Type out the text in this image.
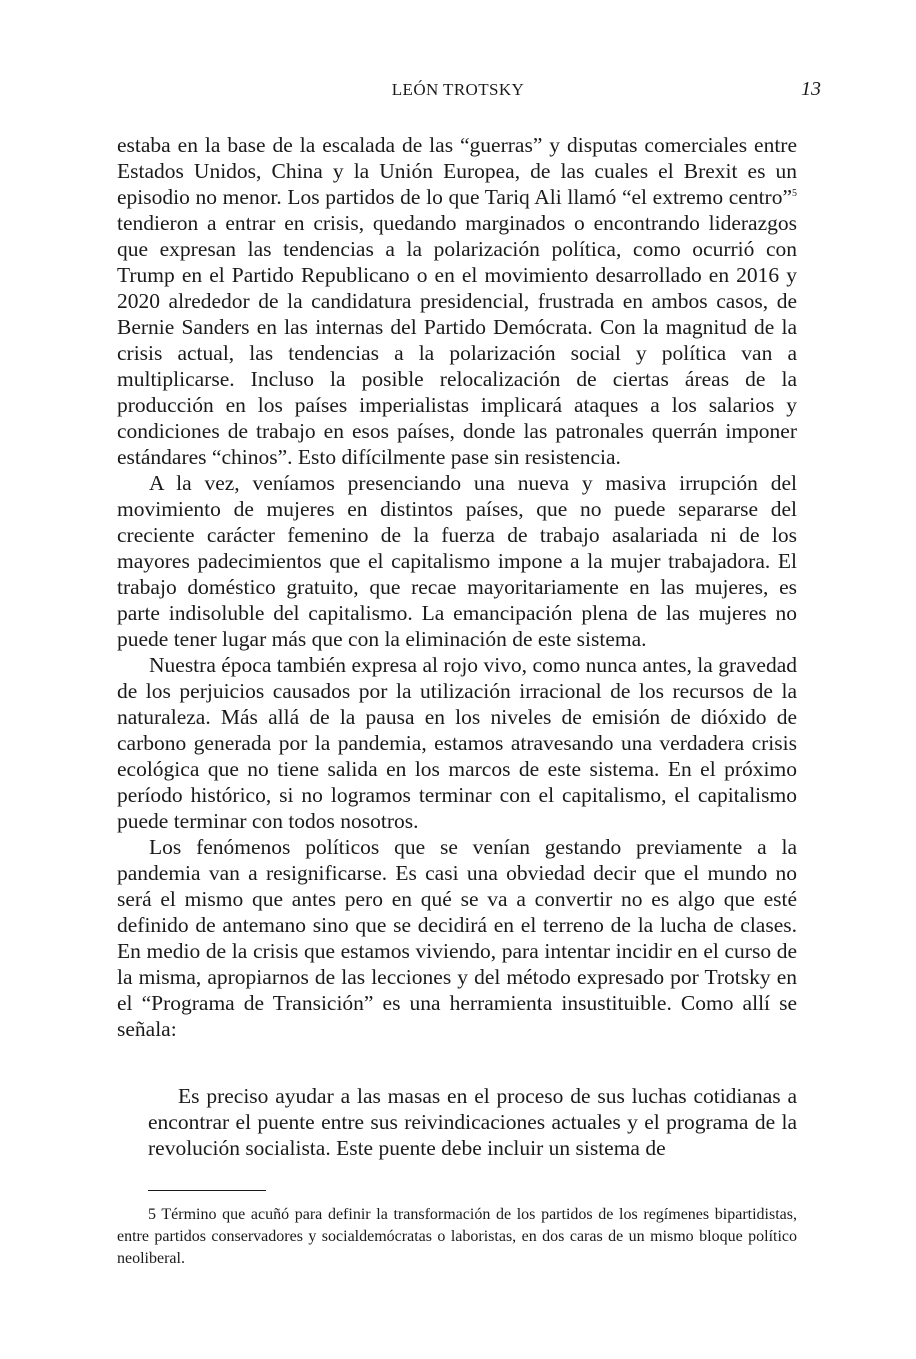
LEÓN TROTSKY	13

estaba en la base de la escalada de las “guerras” y disputas comerciales entre Estados Unidos, China y la Unión Europea, de las cuales el Brexit es un episodio no menor. Los partidos de lo que Tariq Ali llamó “el extremo centro”$^5$ tendieron a entrar en crisis, quedando marginados o encontrando liderazgos que expresan las tendencias a la polarización política, como ocurrió con Trump en el Partido Republicano o en el movimiento desarrollado en 2016 y 2020 alrededor de la candidatura presidencial, frustrada en ambos casos, de Bernie Sanders en las internas del Partido Demócrata. Con la magnitud de la crisis actual, las tendencias a la polarización social y política van a multiplicarse. Incluso la posible relocalización de ciertas áreas de la producción en los países imperialistas implicará ataques a los salarios y condiciones de trabajo en esos países, donde las patronales querrán imponer estándares “chinos”. Esto difícilmente pase sin resistencia.

A la vez, veníamos presenciando una nueva y masiva irrupción del movimiento de mujeres en distintos países, que no puede separarse del creciente carácter femenino de la fuerza de trabajo asalariada ni de los mayores padecimientos que el capitalismo impone a la mujer trabajadora. El trabajo doméstico gratuito, que recae mayoritariamente en las mujeres, es parte indisoluble del capitalismo. La emancipación plena de las mujeres no puede tener lugar más que con la eliminación de este sistema.

Nuestra época también expresa al rojo vivo, como nunca antes, la gravedad de los perjuicios causados por la utilización irracional de los recursos de la naturaleza. Más allá de la pausa en los niveles de emisión de dióxido de carbono generada por la pandemia, estamos atravesando una verdadera crisis ecológica que no tiene salida en los marcos de este sistema. En el próximo período histórico, si no logramos terminar con el capitalismo, el capitalismo puede terminar con todos nosotros.

Los fenómenos políticos que se venían gestando previamente a la pandemia van a resignificarse. Es casi una obviedad decir que el mundo no será el mismo que antes pero en qué se va a convertir no es algo que esté definido de antemano sino que se decidirá en el terreno de la lucha de clases. En medio de la crisis que estamos viviendo, para intentar incidir en el curso de la misma, apropiarnos de las lecciones y del método expresado por Trotsky en el “Programa de Transición” es una herramienta insustituible. Como allí se señala:

Es preciso ayudar a las masas en el proceso de sus luchas cotidianas a encontrar el puente entre sus reivindicaciones actuales y el programa de la revolución socialista. Este puente debe incluir un sistema de

5 Término que acuñó para definir la transformación de los partidos de los regímenes bipartidistas, entre partidos conservadores y socialdemócratas o laboristas, en dos caras de un mismo bloque político neoliberal.
